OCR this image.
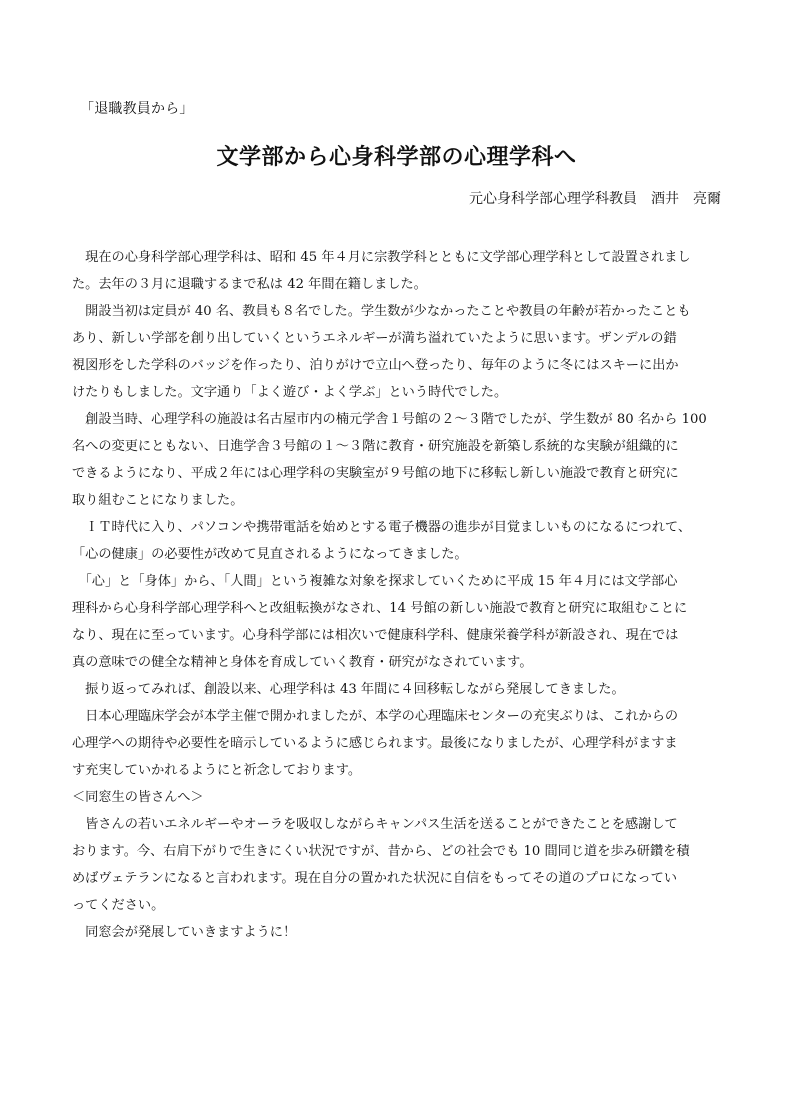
「退職教員から」
文学部から心身科学部の心理学科へ
元心身科学部心理学科教員　酒井　亮爾
　現在の心身科学部心理学科は、昭和 45 年４月に宗教学科とともに文学部心理学科として設置されまし
た。去年の３月に退職するまで私は 42 年間在籍しました。
　開設当初は定員が 40 名、教員も８名でした。学生数が少なかったことや教員の年齢が若かったことも
あり、新しい学部を創り出していくというエネルギーが満ち溢れていたように思います。ザンデルの錯
視図形をした学科のバッジを作ったり、泊りがけで立山へ登ったり、毎年のように冬にはスキーに出か
けたりもしました。文字通り「よく遊び・よく学ぶ」という時代でした。
　創設当時、心理学科の施設は名古屋市内の楠元学舎１号館の２〜３階でしたが、学生数が 80 名から 100
名への変更にともない、日進学舎３号館の１〜３階に教育・研究施設を新築し系統的な実験が組織的に
できるようになり、平成２年には心理学科の実験室が９号館の地下に移転し新しい施設で教育と研究に
取り組むことになりました。
　ＩＴ時代に入り、パソコンや携帯電話を始めとする電子機器の進歩が目覚ましいものになるにつれて、
「心の健康」の必要性が改めて見直されるようになってきました。
　「心」と「身体」から、「人間」という複雑な対象を探求していくために平成 15 年４月には文学部心
理科から心身科学部心理学科へと改組転換がなされ、14 号館の新しい施設で教育と研究に取組むことに
なり、現在に至っています。心身科学部には相次いで健康科学科、健康栄養学科が新設され、現在では
真の意味での健全な精神と身体を育成していく教育・研究がなされています。
　振り返ってみれば、創設以来、心理学科は 43 年間に４回移転しながら発展してきました。
　日本心理臨床学会が本学主催で開かれましたが、本学の心理臨床センターの充実ぶりは、これからの
心理学への期待や必要性を暗示しているように感じられます。最後になりましたが、心理学科がますま
す充実していかれるようにと祈念しております。
＜同窓生の皆さんへ＞
　皆さんの若いエネルギーやオーラを吸収しながらキャンパス生活を送ることができたことを感謝して
おります。今、右肩下がりで生きにくい状況ですが、昔から、どの社会でも 10 間同じ道を歩み研鑽を積
めばヴェテランになると言われます。現在自分の置かれた状況に自信をもってその道のプロになってい
ってください。
　同窓会が発展していきますように！
